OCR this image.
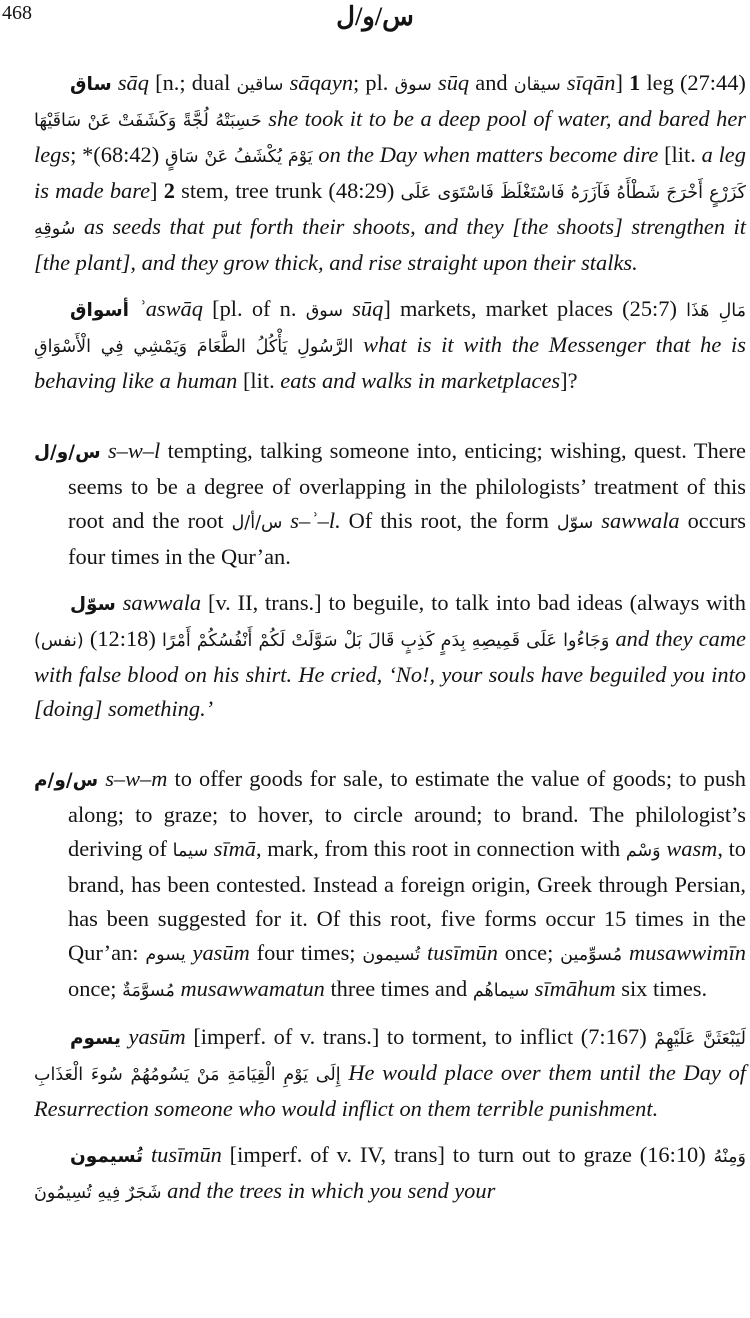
468	س/و/ل

ساق sāq [n.; dual ساقين sāqayn; pl. سوق sūq and سيقان sīqān] 1 leg (27:44) حَسِبَتْهُ لُجَّةً وَكَشَفَتْ عَنْ سَاقَيْهَا she took it to be a deep pool of water, and bared her legs; *(68:42) يَوْمَ يُكْشَفُ عَنْ سَاقٍ on the Day when matters become dire [lit. a leg is made bare] 2 stem, tree trunk (48:29) كَزَرْعٍ أَخْرَجَ شَطْأَهُ فَآزَرَهُ فَاسْتَغْلَظَ فَاسْتَوَى عَلَى سُوقِهِ as seeds that put forth their shoots, and they [the shoots] strengthen it [the plant], and they grow thick, and rise straight upon their stalks.

أسواق ʾaswāq [pl. of n. سوق sūq] markets, market places (25:7) مَالِ هَذَا الرَّسُولِ يَأْكُلُ الطَّعَامَ وَيَمْشِي فِي الْأَسْوَاقِ what is it with the Messenger that he is behaving like a human [lit. eats and walks in marketplaces]?

س/و/ل s–w–l tempting, talking someone into, enticing; wishing, quest. There seems to be a degree of overlapping in the philologists’ treatment of this root and the root س/أ/ل s–ʾ–l. Of this root, the form سوّل sawwala occurs four times in the Qur’an.

سوّل sawwala [v. II, trans.] to beguile, to talk into bad ideas (always with (نفس) (12:18) وَجَاءُوا عَلَى قَمِيصِهِ بِدَمٍ كَذِبٍ قَالَ بَلْ سَوَّلَتْ لَكُمْ أَنْفُسُكُمْ أَمْرًا and they came with false blood on his shirt. He cried, ‘No!, your souls have beguiled you into [doing] something.’

س/و/م s–w–m to offer goods for sale, to estimate the value of goods; to push along; to graze; to hover, to circle around; to brand. The philologist’s deriving of سيما sīmā, mark, from this root in connection with وَسْم wasm, to brand, has been contested. Instead a foreign origin, Greek through Persian, has been suggested for it. Of this root, five forms occur 15 times in the Qur’an: يسوم yasūm four times; تُسيمون tusīmūn once; مُسوِّمين musawwimīn once; مُسوَّمَةٌ musawwamatun three times and سيماهُم sīmāhum six times.

يسوم yasūm [imperf. of v. trans.] to torment, to inflict (7:167) لَيَبْعَثَنَّ عَلَيْهِمْ إِلَى يَوْمِ الْقِيَامَةِ مَنْ يَسُومُهُمْ سُوءَ الْعَذَابِ He would place over them until the Day of Resurrection someone who would inflict on them terrible punishment.

تُسيمون tusīmūn [imperf. of v. IV, trans] to turn out to graze (16:10) وَمِنْهُ شَجَرٌ فِيهِ تُسِيمُونَ and the trees in which you send your
